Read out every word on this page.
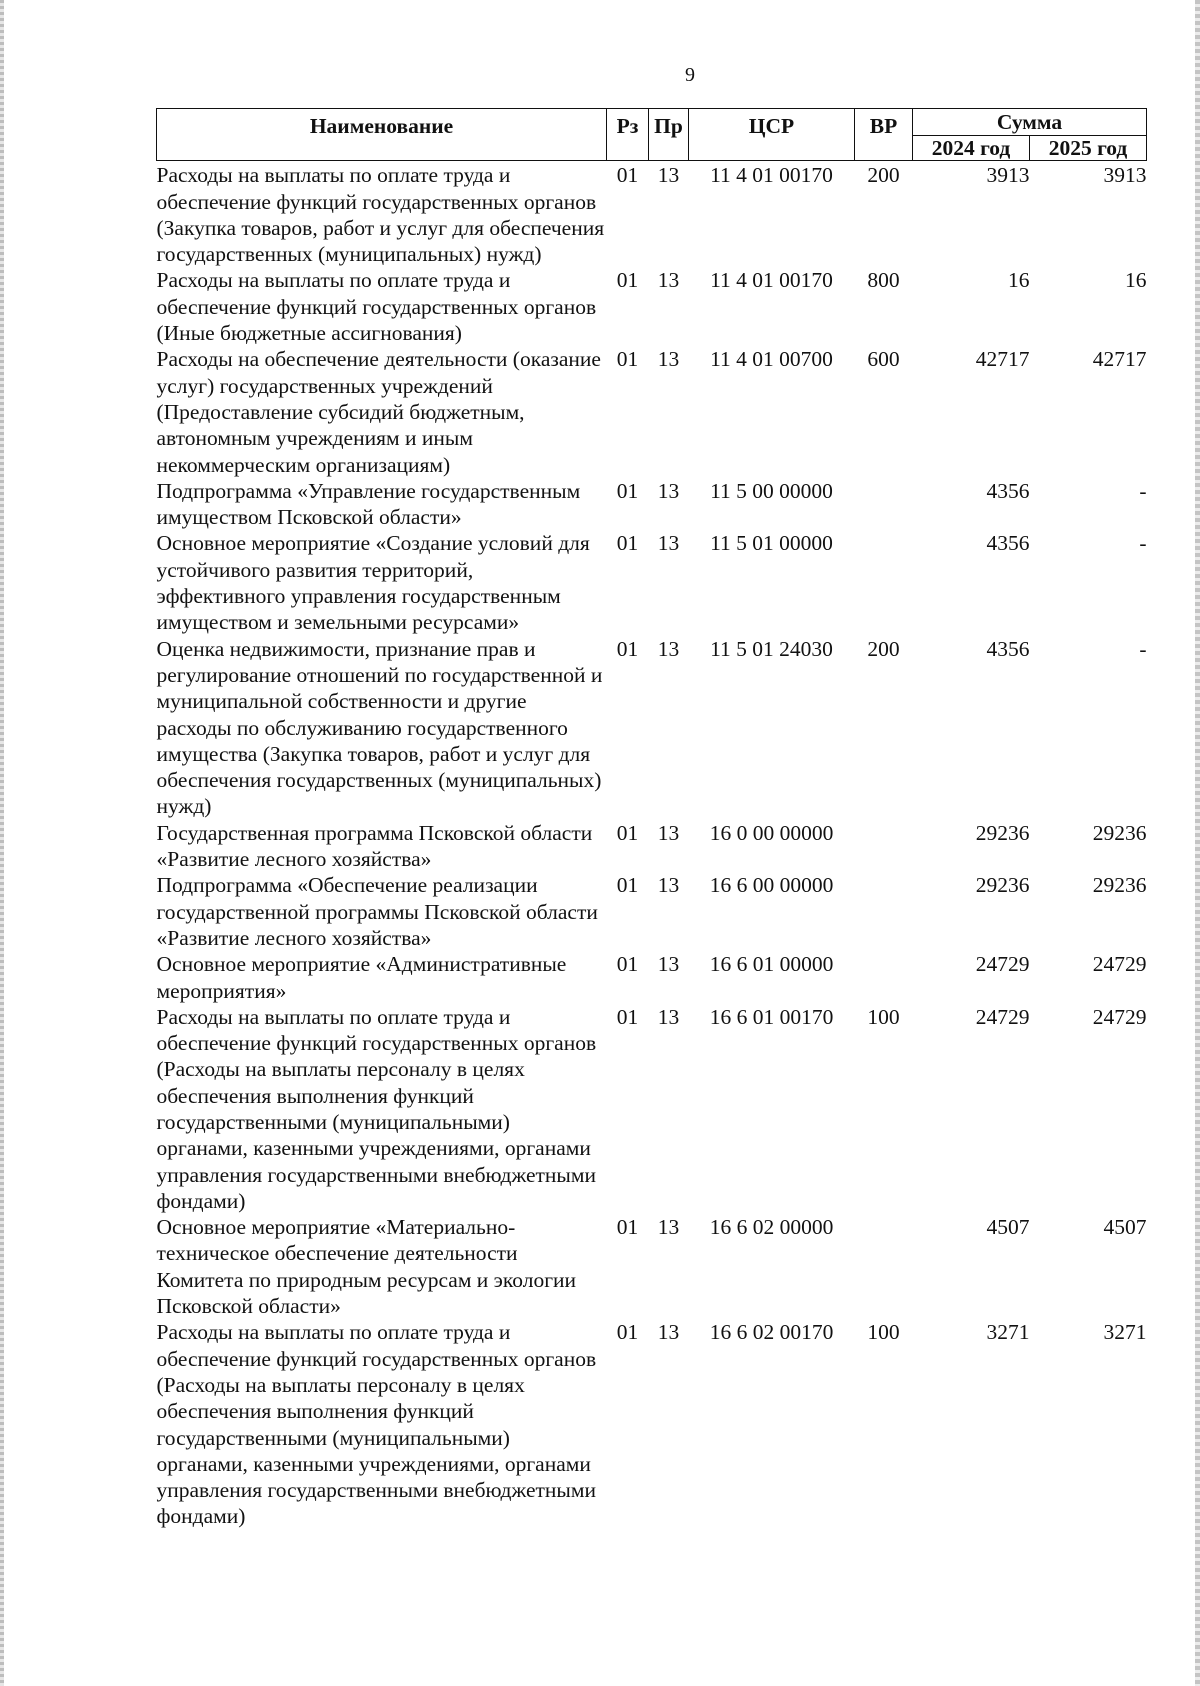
9
Наименование	Рз	Пр	ЦСР	ВР	Сумма	
					2024 год	2025 год
Расходы на выплаты по оплате труда и обеспечение функций государственных органов (Закупка товаров, работ и услуг для обеспечения государственных (муниципальных) нужд)	01	13	11 4 01 00170	200	3913	3913
Расходы на выплаты по оплате труда и обеспечение функций государственных органов (Иные бюджетные ассигнования)	01	13	11 4 01 00170	800	16	16
Расходы на обеспечение деятельности (оказание услуг) государственных учреждений (Предоставление субсидий бюджетным, автономным учреждениям и иным некоммерческим организациям)	01	13	11 4 01 00700	600	42717	42717
Подпрограмма «Управление государственным имуществом Псковской области»	01	13	11 5 00 00000		4356	-
Основное мероприятие «Создание условий для устойчивого развития территорий, эффективного управления государственным имуществом и земельными ресурсами»	01	13	11 5 01 00000		4356	-
Оценка недвижимости, признание прав и регулирование отношений по государственной и муниципальной собственности и другие расходы по обслуживанию государственного имущества (Закупка товаров, работ и услуг для обеспечения государственных (муниципальных) нужд)	01	13	11 5 01 24030	200	4356	-
Государственная программа Псковской области «Развитие лесного хозяйства»	01	13	16 0 00 00000		29236	29236
Подпрограмма «Обеспечение реализации государственной программы Псковской области «Развитие лесного хозяйства»	01	13	16 6 00 00000		29236	29236
Основное мероприятие «Административные мероприятия»	01	13	16 6 01 00000		24729	24729
Расходы на выплаты по оплате труда и обеспечение функций государственных органов (Расходы на выплаты персоналу в целях обеспечения выполнения функций государственными (муниципальными) органами, казенными учреждениями, органами управления государственными внебюджетными фондами)	01	13	16 6 01 00170	100	24729	24729
Основное мероприятие «Материально-техническое обеспечение деятельности Комитета по природным ресурсам и экологии Псковской области»	01	13	16 6 02 00000		4507	4507
Расходы на выплаты по оплате труда и обеспечение функций государственных органов (Расходы на выплаты персоналу в целях обеспечения выполнения функций государственными (муниципальными) органами, казенными учреждениями, органами управления государственными внебюджетными фондами)	01	13	16 6 02 00170	100	3271	3271
